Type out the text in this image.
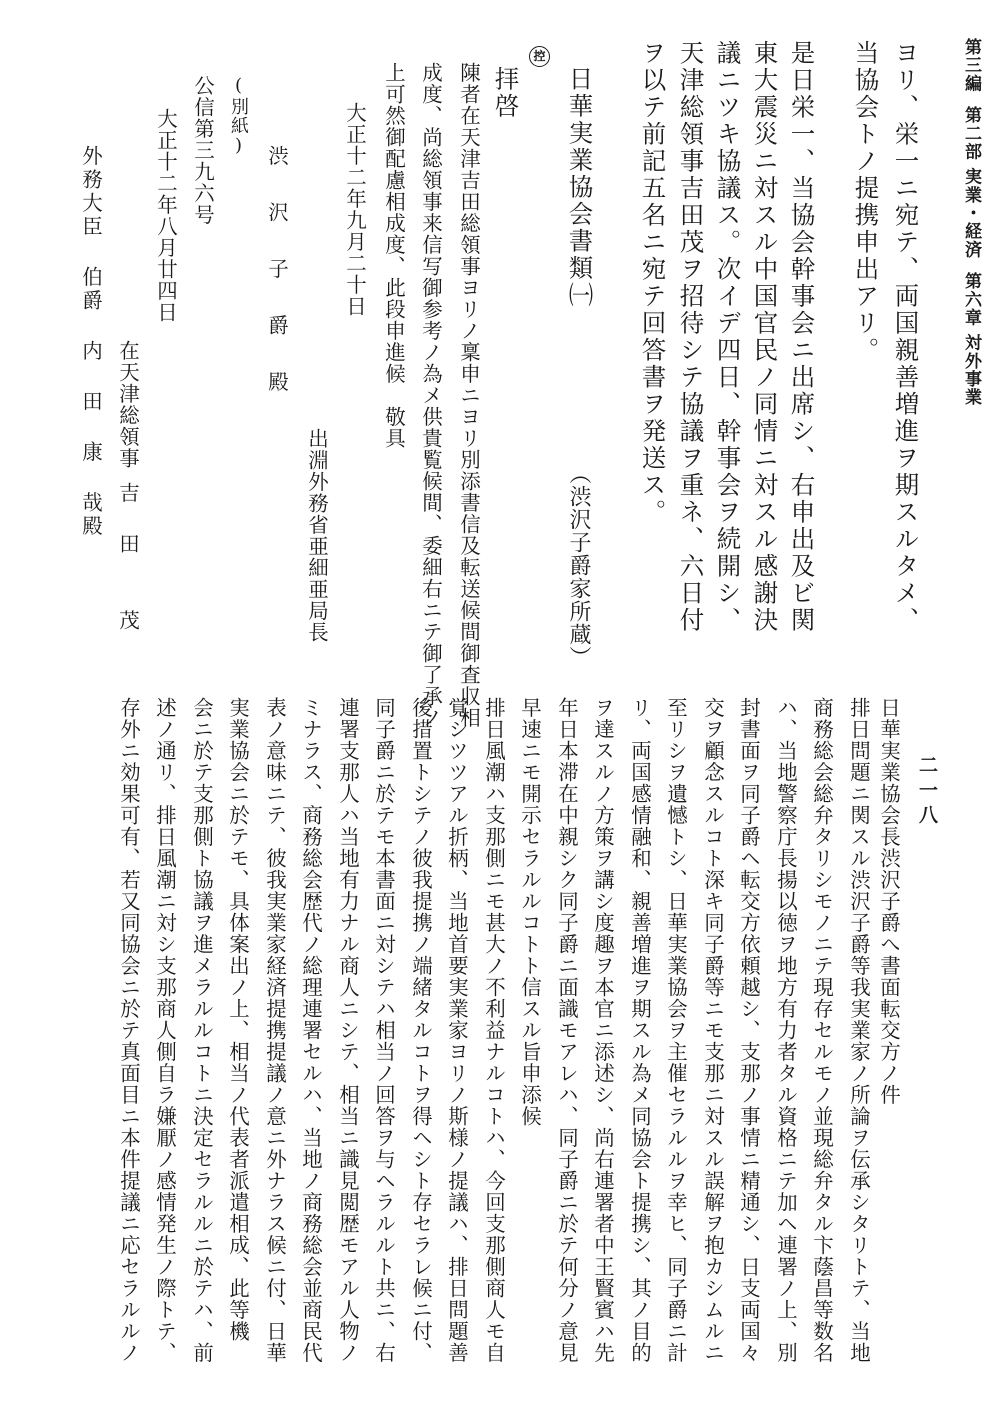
第三編第二部実業・経済第六章対外事業
二一八
ヨリ、栄一ニ宛テ、両国親善増進ヲ期スルタメ、
当協会トノ提携申出アリ。
是日栄一、当協会幹事会ニ出席シ、右申出及ビ関
東大震災ニ対スル中国官民ノ同情ニ対スル感謝決
議ニツキ協議ス。次イデ四日、幹事会ヲ続開シ、
天津総領事吉田茂ヲ招待シテ協議ヲ重ネ、六日付
ヲ以テ前記五名ニ宛テ回答書ヲ発送ス。
日華実業協会書類㈠
（渋沢子爵家所蔵）
控
拝啓
陳者在天津吉田総領事ヨリノ稟申ニヨリ別添書信及転送候間御査収相
成度、尚総領事来信写御参考ノ為メ供貴覧候間、委細右ニテ御了承ノ
上可然御配慮相成度、此段申進候　敬具
大正十二年九月二十日
出淵外務省亜細亜局長
渋 沢 子 爵 殿
(別紙)
公信第三九六号
大正十二年八月廿四日
在天津総領事
吉　田　　茂
外務大臣 伯爵 内 田 康 哉殿
日華実業協会長渋沢子爵へ書面転交方ノ件
排日問題ニ関スル渋沢子爵等我実業家ノ所論ヲ伝承シタリトテ、当地
商務総会総弁タリシモノニテ現存セルモノ並現総弁タル卞蔭昌等数名
ハ、当地警察庁長揚以徳ヲ地方有力者タル資格ニテ加ヘ連署ノ上、別
封書面ヲ同子爵ヘ転交方依頼越シ、支那ノ事情ニ精通シ、日支両国々
交ヲ顧念スルコト深キ同子爵等ニモ支那ニ対スル誤解ヲ抱カシムルニ
至リシヲ遺憾トシ、日華実業協会ヲ主催セラルルヲ幸ヒ、同子爵ニ計
リ、両国感情融和、親善増進ヲ期スル為メ同協会ト提携シ、其ノ目的
ヲ達スルノ方策ヲ講シ度趣ヲ本官ニ添述シ、尚右連署者中王賢賓ハ先
年日本滞在中親シク同子爵ニ面識モアレハ、同子爵ニ於テ何分ノ意見
早速ニモ開示セラルルコトト信スル旨申添候
排日風潮ハ支那側ニモ甚大ノ不利益ナルコトハ、今回支那側商人モ自
覚シツツアル折柄、当地首要実業家ヨリノ斯様ノ提議ハ、排日問題善
後措置トシテノ彼我提携ノ端緒タルコトヲ得ヘシト存セラレ候ニ付、
同子爵ニ於テモ本書面ニ対シテハ相当ノ回答ヲ与ヘラルルト共ニ、右
連署支那人ハ当地有力ナル商人ニシテ、相当ニ識見閲歴モアル人物ノ
ミナラス、商務総会歴代ノ総理連署セルハ、当地ノ商務総会並商民代
表ノ意味ニテ、彼我実業家経済提携提議ノ意ニ外ナラス候ニ付、日華
実業協会ニ於テモ、具体案出ノ上、相当ノ代表者派遣相成、此等機
会ニ於テ支那側ト協議ヲ進メラルルコトニ決定セラルルニ於テハ、前
述ノ通リ、排日風潮ニ対シ支那商人側自ラ嫌厭ノ感情発生ノ際トテ、
存外ニ効果可有、若又同協会ニ於テ真面目ニ本件提議ニ応セラルルノ
